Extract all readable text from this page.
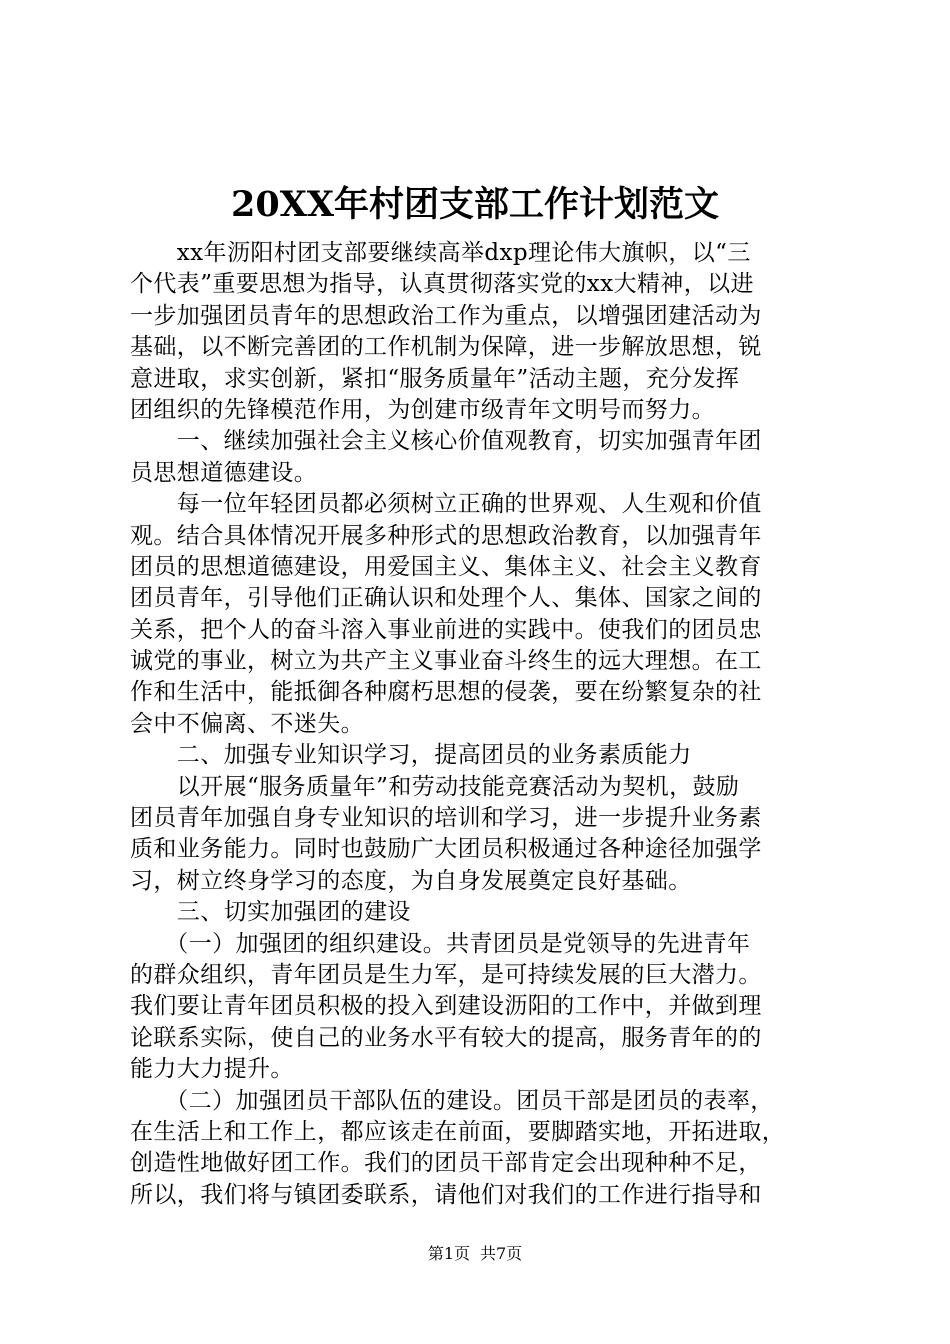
20XX年村团支部工作计划范文
　　xx年沥阳村团支部要继续高举dxp理论伟大旗帜，以“三
个代表”重要思想为指导，认真贯彻落实党的xx大精神，以进
一步加强团员青年的思想政治工作为重点，以增强团建活动为
基础，以不断完善团的工作机制为保障，进一步解放思想，锐
意进取，求实创新，紧扣“服务质量年”活动主题，充分发挥
团组织的先锋模范作用，为创建市级青年文明号而努力。
　　一、继续加强社会主义核心价值观教育，切实加强青年团
员思想道德建设。
　　每一位年轻团员都必须树立正确的世界观、人生观和价值
观。结合具体情况开展多种形式的思想政治教育，以加强青年
团员的思想道德建设，用爱国主义、集体主义、社会主义教育
团员青年，引导他们正确认识和处理个人、集体、国家之间的
关系，把个人的奋斗溶入事业前进的实践中。使我们的团员忠
诚党的事业，树立为共产主义事业奋斗终生的远大理想。在工
作和生活中，能抵御各种腐朽思想的侵袭，要在纷繁复杂的社
会中不偏离、不迷失。
　　二、加强专业知识学习，提高团员的业务素质能力
　　以开展“服务质量年”和劳动技能竞赛活动为契机，鼓励
团员青年加强自身专业知识的培训和学习，进一步提升业务素
质和业务能力。同时也鼓励广大团员积极通过各种途径加强学
习，树立终身学习的态度，为自身发展奠定良好基础。
　　三、切实加强团的建设
　　（一）加强团的组织建设。共青团员是党领导的先进青年
的群众组织，青年团员是生力军，是可持续发展的巨大潜力。
我们要让青年团员积极的投入到建设沥阳的工作中，并做到理
论联系实际，使自己的业务水平有较大的提高，服务青年的的
能力大力提升。
　　（二）加强团员干部队伍的建设。团员干部是团员的表率，
在生活上和工作上，都应该走在前面，要脚踏实地，开拓进取，
创造性地做好团工作。我们的团员干部肯定会出现种种不足，
所以，我们将与镇团委联系，请他们对我们的工作进行指导和
第1页 共7页
